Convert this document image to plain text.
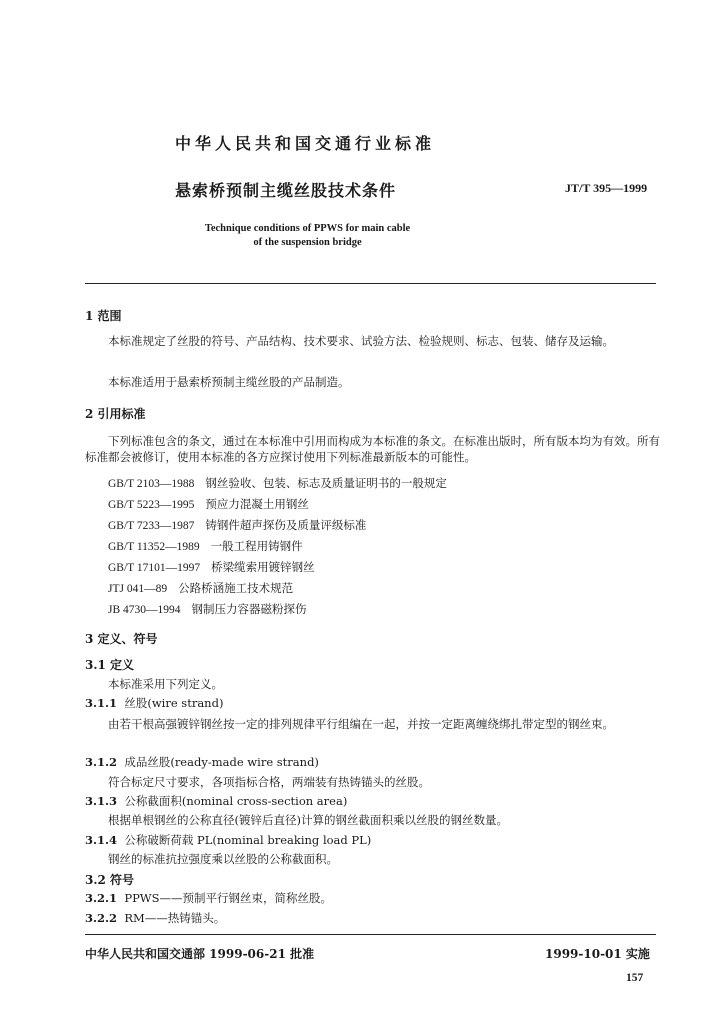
中华人民共和国交通行业标准
悬索桥预制主缆丝股技术条件	JT/T 395—1999
Technique conditions of PPWS for main cable
of the suspension bridge
1 范围
本标准规定了丝股的符号、产品结构、技术要求、试验方法、检验规则、标志、包装、储存及运输。
本标准适用于悬索桥预制主缆丝股的产品制造。
2 引用标准
下列标准包含的条文，通过在本标准中引用而构成为本标准的条文。在标准出版时，所有版本均为有效。所有标准都会被修订，使用本标准的各方应探讨使用下列标准最新版本的可能性。
GB/T 2103—1988 钢丝验收、包装、标志及质量证明书的一般规定
GB/T 5223—1995 预应力混凝土用钢丝
GB/T 7233—1987 铸钢件超声探伤及质量评级标准
GB/T 11352—1989 一般工程用铸钢件
GB/T 17101—1997 桥梁缆索用镀锌钢丝
JTJ 041—89 公路桥涵施工技术规范
JB 4730—1994 钢制压力容器磁粉探伤
3 定义、符号
3.1 定义
本标准采用下列定义。
3.1.1 丝股(wire strand)
由若干根高强镀锌钢丝按一定的排列规律平行组编在一起，并按一定距离缠绕绑扎带定型的钢丝束。
3.1.2 成品丝股(ready-made wire strand)
符合标定尺寸要求，各项指标合格，两端装有热铸锚头的丝股。
3.1.3 公称截面积(nominal cross-section area)
根据单根钢丝的公称直径(镀锌后直径)计算的钢丝截面积乘以丝股的钢丝数量。
3.1.4 公称破断荷载 PL(nominal breaking load PL)
钢丝的标准抗拉强度乘以丝股的公称截面积。
3.2 符号
3.2.1 PPWS——预制平行钢丝束，简称丝股。
3.2.2 RM——热铸锚头。
中华人民共和国交通部 1999-06-21 批准	1999-10-01 实施
157
